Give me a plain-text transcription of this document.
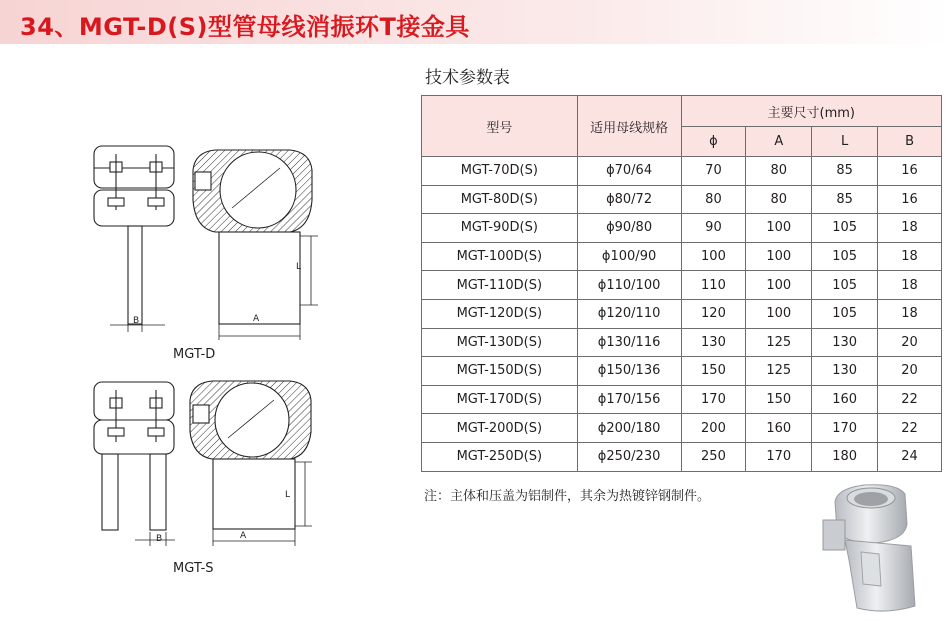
34、MGT-D(S)型管母线消振环T接金具
B	A
L
MGT-D
B	A
L
MGT-S
技术参数表
型号	适用母线规格	主要尺寸(mm)			
		ϕ	A	L	B
MGT-70D(S)	ϕ70/64	70	80	85	16
MGT-80D(S)	ϕ80/72	80	80	85	16
MGT-90D(S)	ϕ90/80	90	100	105	18
MGT-100D(S)	ϕ100/90	100	100	105	18
MGT-110D(S)	ϕ110/100	110	100	105	18
MGT-120D(S)	ϕ120/110	120	100	105	18
MGT-130D(S)	ϕ130/116	130	125	130	20
MGT-150D(S)	ϕ150/136	150	125	130	20
MGT-170D(S)	ϕ170/156	170	150	160	22
MGT-200D(S)	ϕ200/180	200	160	170	22
MGT-250D(S)	ϕ250/230	250	170	180	24
注：主体和压盖为铝制件，其余为热镀锌钢制件。
